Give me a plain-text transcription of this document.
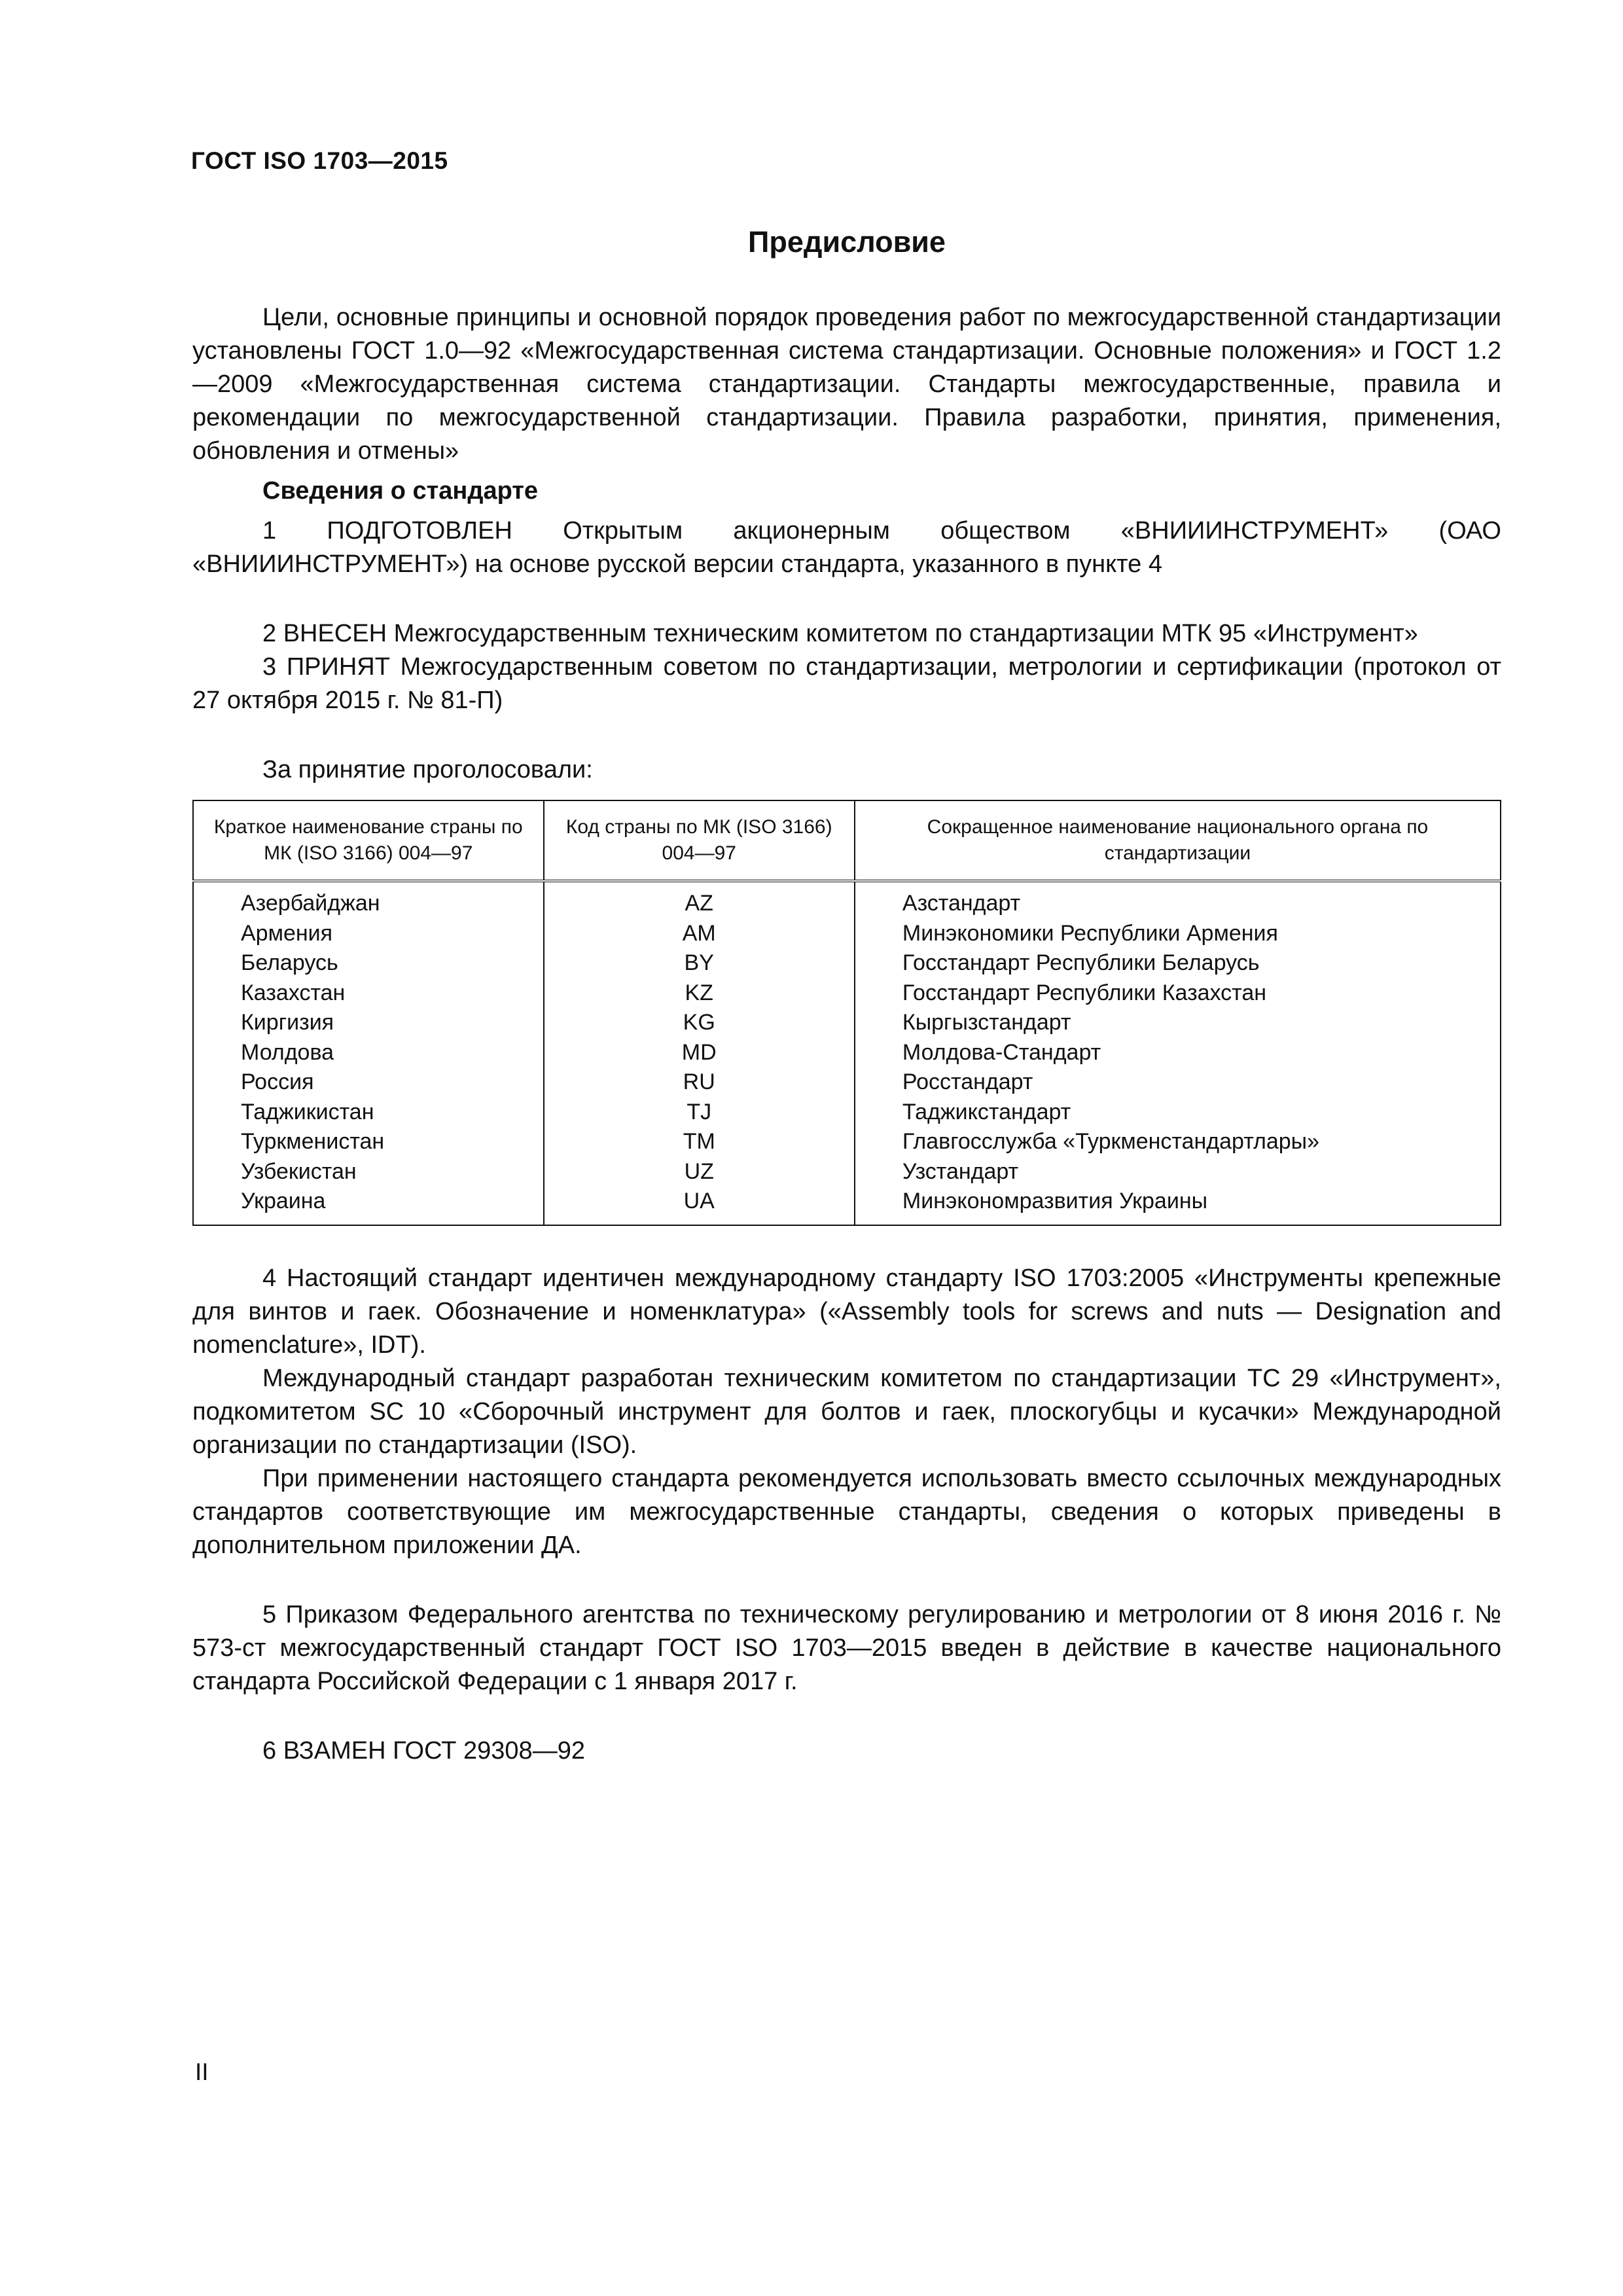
ГОСТ ISO 1703—2015
Предисловие

Цели, основные принципы и основной порядок проведения работ по межгосударственной стандартизации установлены ГОСТ 1.0—92 «Межгосударственная система стандартизации. Основные положения» и ГОСТ 1.2—2009 «Межгосударственная система стандартизации. Стандарты межгосударственные, правила и рекомендации по межгосударственной стандартизации. Правила разработки, принятия, применения, обновления и отмены»

Сведения о стандарте

1 ПОДГОТОВЛЕН Открытым акционерным обществом «ВНИИИНСТРУМЕНТ» (ОАО «ВНИИИНСТРУМЕНТ») на основе русской версии стандарта, указанного в пункте 4

2 ВНЕСЕН Межгосударственным техническим комитетом по стандартизации МТК 95 «Инструмент»

3 ПРИНЯТ Межгосударственным советом по стандартизации, метрологии и сертификации (протокол от 27 октября 2015 г. № 81-П)

За принятие проголосовали:

Краткое наименование страны по МК (ISO 3166) 004—97	Код страны по МК (ISO 3166) 004—97	Сокращенное наименование национального органа по стандартизации
Азербайджан	AZ	Азстандарт
Армения	AM	Минэкономики Республики Армения
Беларусь	BY	Госстандарт Республики Беларусь
Казахстан	KZ	Госстандарт Республики Казахстан
Киргизия	KG	Кыргызстандарт
Молдова	MD	Молдова-Стандарт
Россия	RU	Росстандарт
Таджикистан	TJ	Таджикстандарт
Туркменистан	TM	Главгосслужба «Туркменстандартлары»
Узбекистан	UZ	Узстандарт
Украина	UA	Минэкономразвития Украины

4 Настоящий стандарт идентичен международному стандарту ISO 1703:2005 «Инструменты крепежные для винтов и гаек. Обозначение и номенклатура» («Assembly tools for screws and nuts — Designation and nomenclature», IDT).

Международный стандарт разработан техническим комитетом по стандартизации ТС 29 «Инструмент», подкомитетом SC 10 «Сборочный инструмент для болтов и гаек, плоскогубцы и кусачки» Международной организации по стандартизации (ISO).

При применении настоящего стандарта рекомендуется использовать вместо ссылочных международных стандартов соответствующие им межгосударственные стандарты, сведения о которых приведены в дополнительном приложении ДА.

5 Приказом Федерального агентства по техническому регулированию и метрологии от 8 июня 2016 г. № 573-ст межгосударственный стандарт ГОСТ ISO 1703—2015 введен в действие в качестве национального стандарта Российской Федерации с 1 января 2017 г.

6 ВЗАМЕН ГОСТ 29308—92

II
